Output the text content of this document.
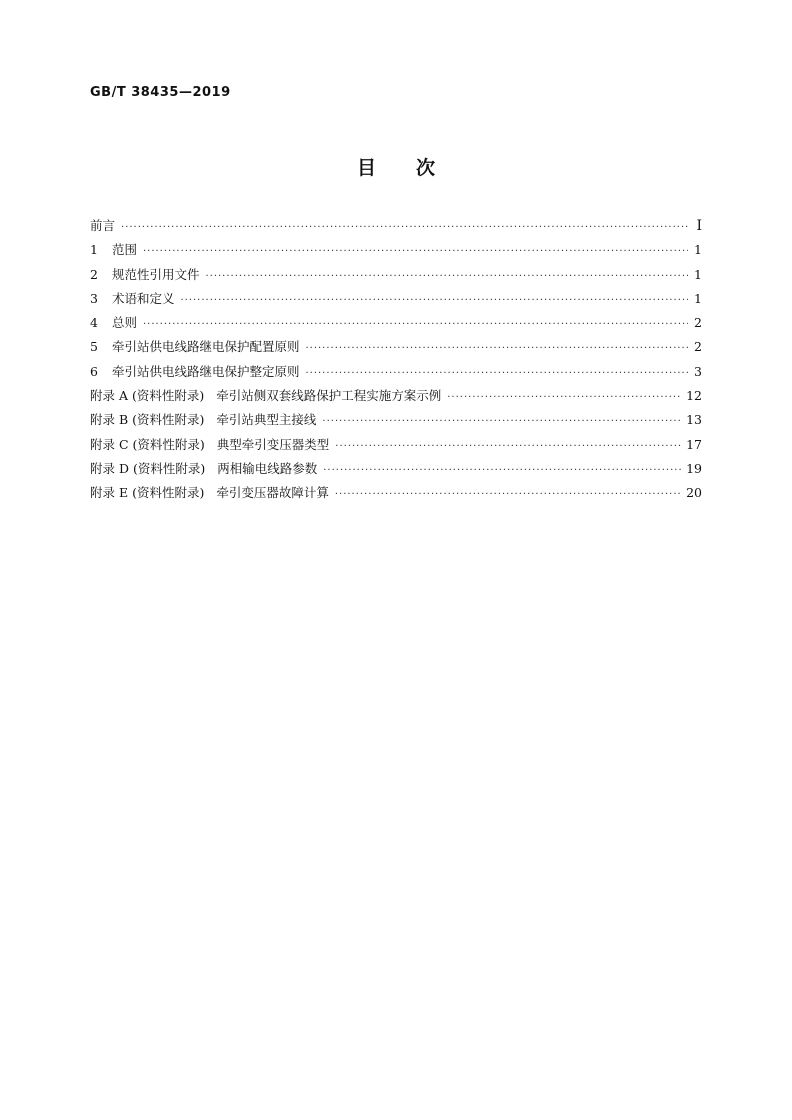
GB/T 38435—2019
目 次
前言 ·····	I
1 范围 ·····	1
2 规范性引用文件 ·····	1
3 术语和定义 ·····	1
4 总则 ·····	2
5 牵引站供电线路继电保护配置原则 ·····	2
6 牵引站供电线路继电保护整定原则 ·····	3
附录 A (资料性附录) 牵引站侧双套线路保护工程实施方案示例 ·····	12
附录 B (资料性附录) 牵引站典型主接线 ·····	13
附录 C (资料性附录) 典型牵引变压器类型 ·····	17
附录 D (资料性附录) 两相输电线路参数 ·····	19
附录 E (资料性附录) 牵引变压器故障计算 ·····	20
